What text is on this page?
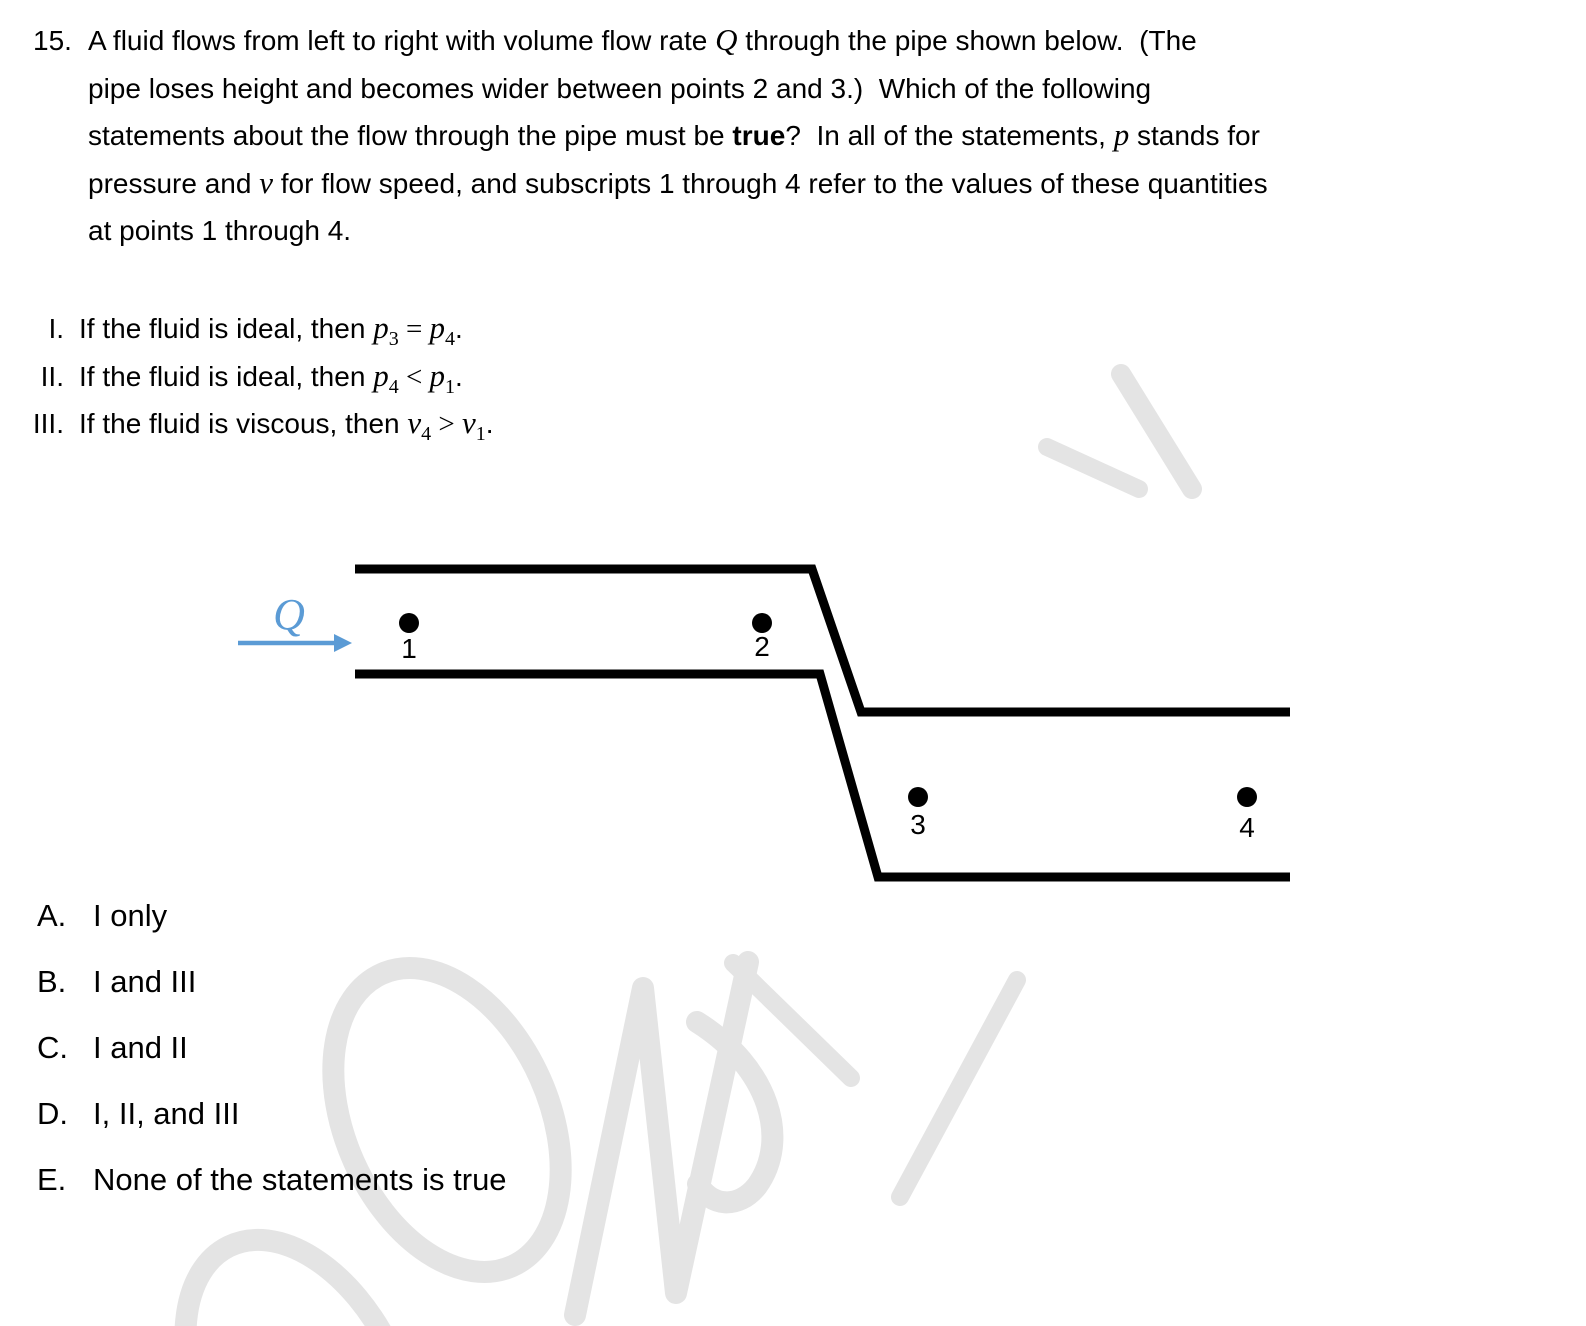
Q
1	2
3	4
15. A fluid flows from left to right with volume flow rate Q through the pipe shown below.  (The
pipe loses height and becomes wider between points 2 and 3.)  Which of the following
statements about the flow through the pipe must be true?  In all of the statements, p stands for
pressure and v for flow speed, and subscripts 1 through 4 refer to the values of these quantities
at points 1 through 4.
I. If the fluid is ideal, then $p_3 = p_4$.
II. If the fluid is ideal, then $p_4 < p_1$.
III. If the fluid is viscous, then $v_4 > v_1$.
A. I only
B. I and III
C. I and II
D. I, II, and III
E. None of the statements is true
